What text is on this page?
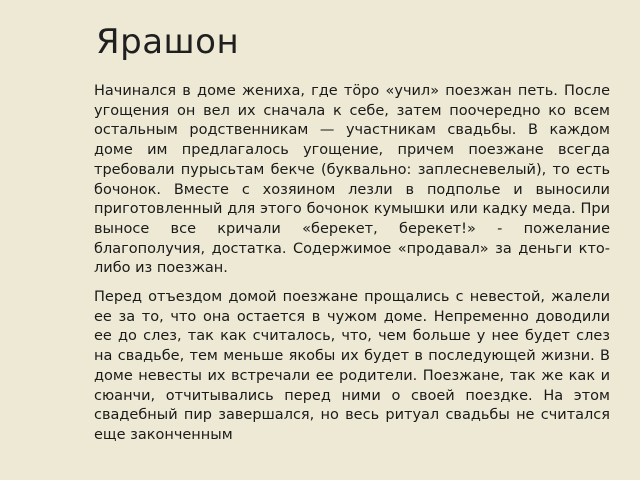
Ярашон

Начинался в доме жениха, где тöро «учил» поезжан петь. После угощения он вел их сначала к себе, затем поочередно ко всем остальным родственникам — участникам свадьбы. В каждом доме им предлагалось угощение, причем поезжане всегда требовали пурысьтам бекче (буквально: заплесневелый), то есть бочонок. Вместе с хозяином лезли в подполье и выносили приготовленный для этого бочонок кумышки или кадку меда. При выносе все кричали «берекет, берекет!» - пожелание благополучия, достатка. Содержимое «продавал» за деньги кто-либо из поезжан.

Перед отъездом домой поезжане прощались с невестой, жалели ее за то, что она остается в чужом доме. Непременно доводили ее до слез, так как считалось, что, чем больше у нее будет слез на свадьбе, тем меньше якобы их будет в последующей жизни. В доме невесты их встречали ее родители. Поезжане, так же как и сюанчи, отчитывались перед ними о своей поездке. На этом свадебный пир завершался, но весь ритуал свадьбы не считался еще законченным
